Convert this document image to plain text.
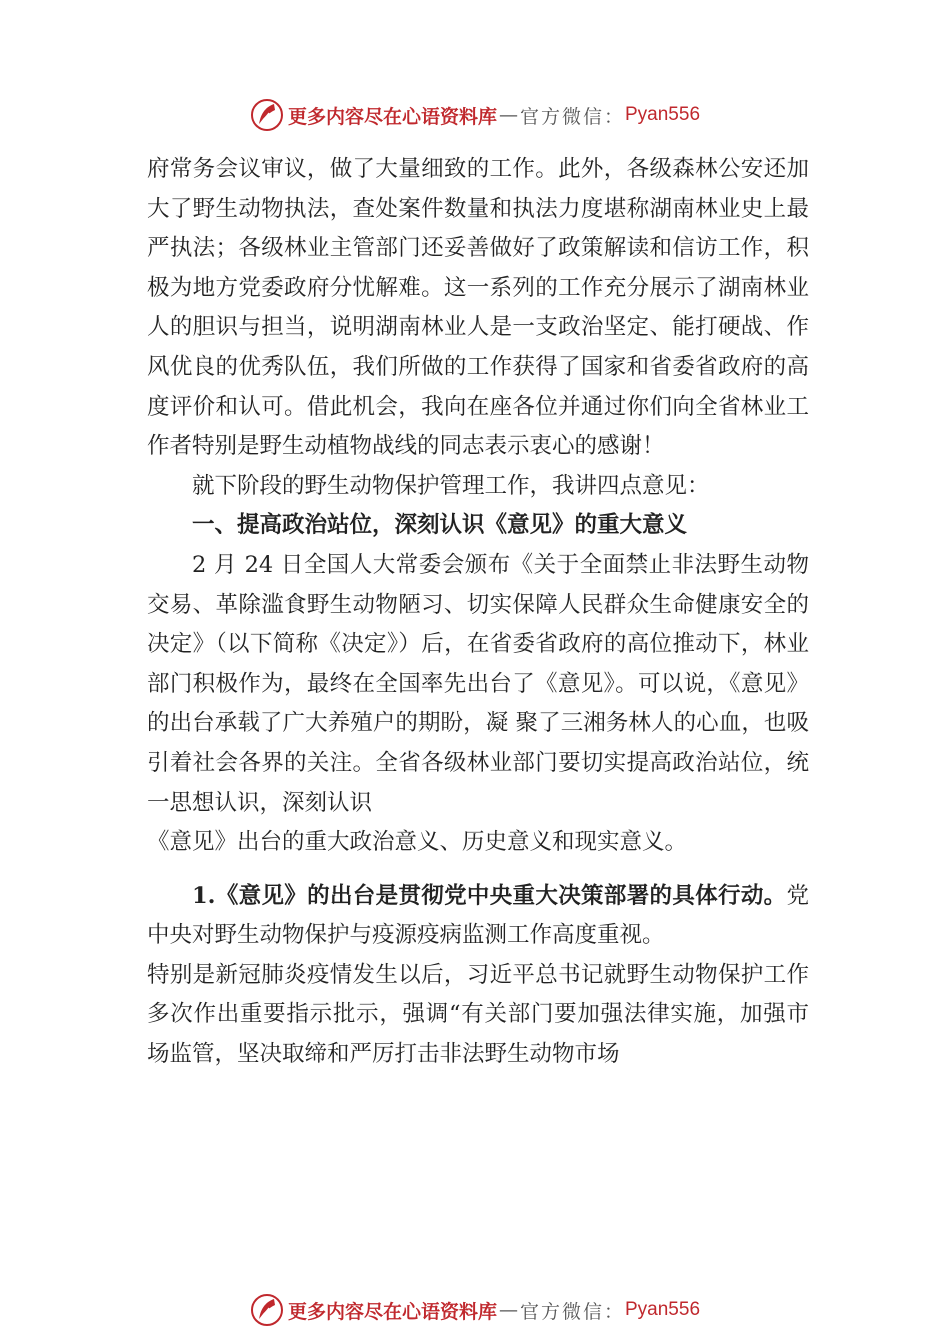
更多内容尽在心语资料库 — 官方微信： Pyan556

府常务会议审议，做了大量细致的工作。此外，各级森林公安还加大了野生动物执法，查处案件数量和执法力度堪称湖南林业史上最严执法；各级林业主管部门还妥善做好了政策解读和信访工作，积极为地方党委政府分忧解难。这一系列的工作充分展示了湖南林业人的胆识与担当，说明湖南林业人是一支政治坚定、能打硬战、作风优良的优秀队伍，我们所做的工作获得了国家和省委省政府的高度评价和认可。借此机会，我向在座各位并通过你们向全省林业工作者特别是野生动植物战线的同志表示衷心的感谢！

就下阶段的野生动物保护管理工作，我讲四点意见：

一、提高政治站位，深刻认识《意见》的重大意义

2 月 24 日全国人大常委会颁布《关于全面禁止非法野生动物交易、革除滥食野生动物陋习、切实保障人民群众生命健康安全的决定》（以下简称《决定》）后，在省委省政府的高位推动下，林业部门积极作为，最终在全国率先出台了《意见》。可以说，《意见》的出台承载了广大养殖户的期盼，凝 聚了三湘务林人的心血，也吸引着社会各界的关注。全省各级林业部门要切实提高政治站位，统一思想认识，深刻认识

《意见》出台的重大政治意义、历史意义和现实意义。

1.《意见》的出台是贯彻党中央重大决策部署的具体行动。党中央对野生动物保护与疫源疫病监测工作高度重视。

特别是新冠肺炎疫情发生以后，习近平总书记就野生动物保护工作多次作出重要指示批示，强调“有关部门要加强法律实施，加强市场监管，坚决取缔和严厉打击非法野生动物市场

更多内容尽在心语资料库 — 官方微信： Pyan556
